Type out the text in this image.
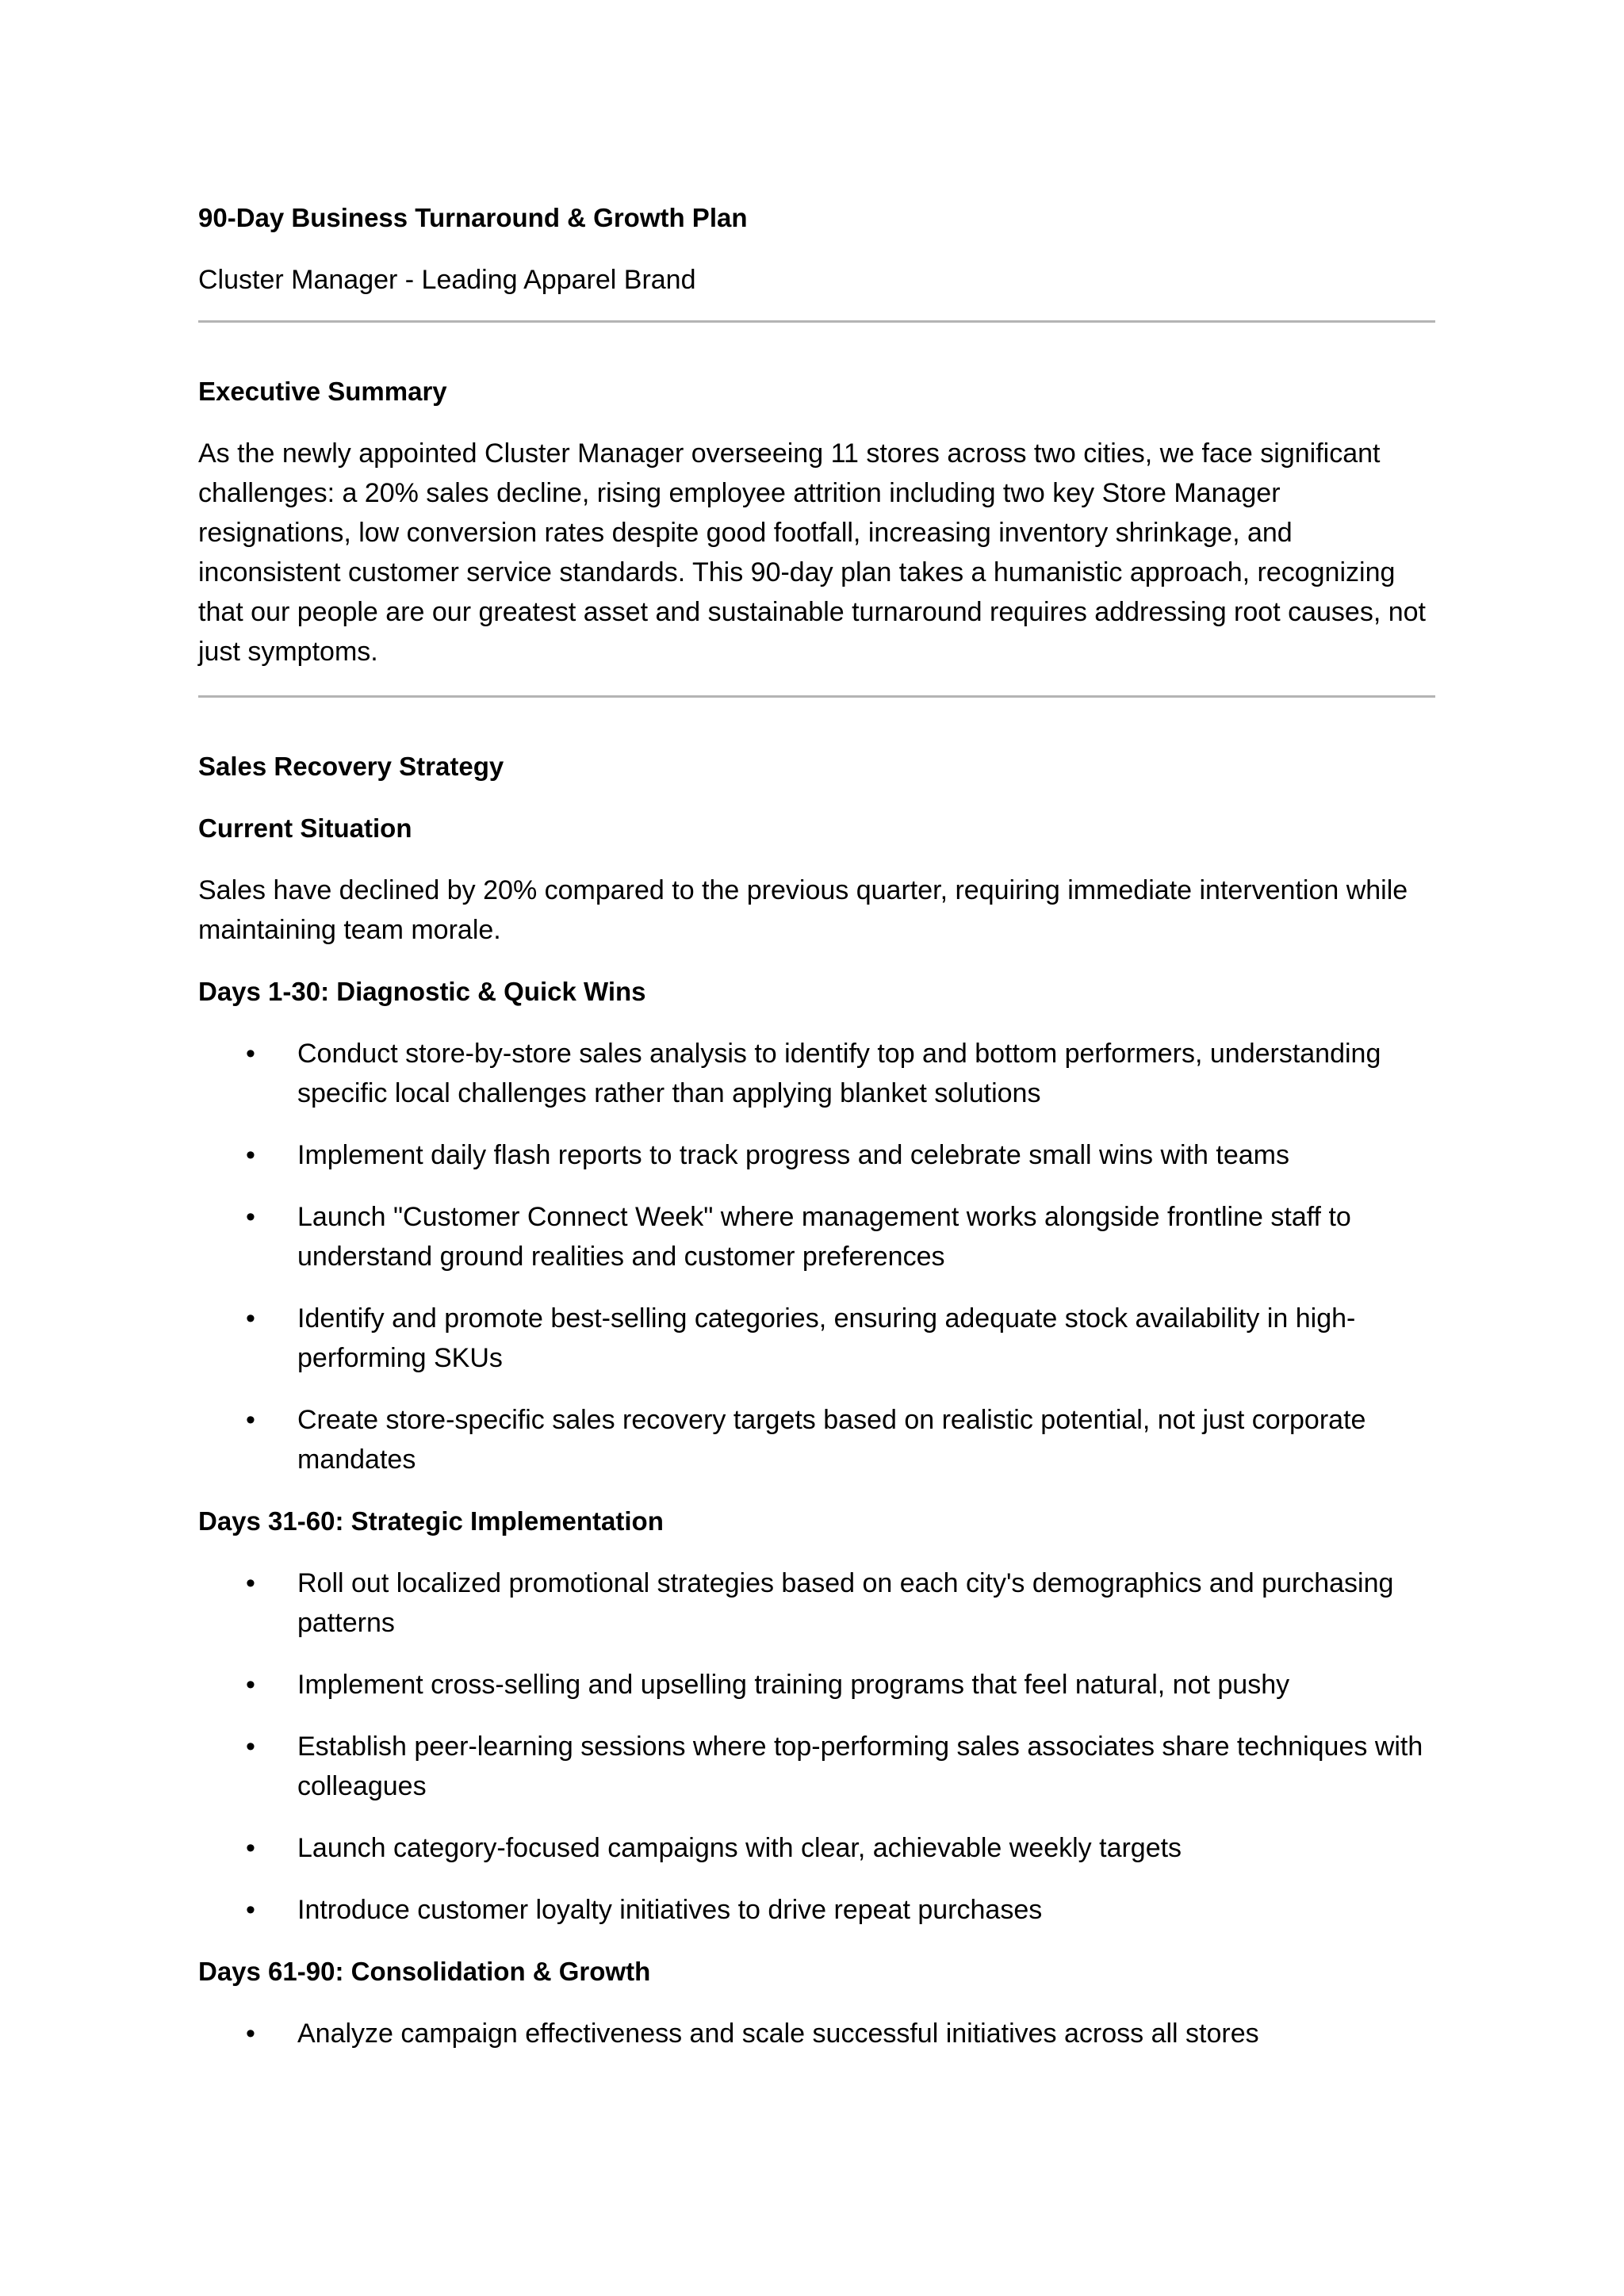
90-Day Business Turnaround & Growth Plan
Cluster Manager - Leading Apparel Brand
Executive Summary
As the newly appointed Cluster Manager overseeing 11 stores across two cities, we face significant challenges: a 20% sales decline, rising employee attrition including two key Store Manager resignations, low conversion rates despite good footfall, increasing inventory shrinkage, and inconsistent customer service standards. This 90-day plan takes a humanistic approach, recognizing that our people are our greatest asset and sustainable turnaround requires addressing root causes, not just symptoms.
Sales Recovery Strategy
Current Situation
Sales have declined by 20% compared to the previous quarter, requiring immediate intervention while maintaining team morale.
Days 1-30: Diagnostic & Quick Wins
• Conduct store-by-store sales analysis to identify top and bottom performers, understanding specific local challenges rather than applying blanket solutions
• Implement daily flash reports to track progress and celebrate small wins with teams
• Launch "Customer Connect Week" where management works alongside frontline staff to understand ground realities and customer preferences
• Identify and promote best-selling categories, ensuring adequate stock availability in high-performing SKUs
• Create store-specific sales recovery targets based on realistic potential, not just corporate mandates
Days 31-60: Strategic Implementation
• Roll out localized promotional strategies based on each city's demographics and purchasing patterns
• Implement cross-selling and upselling training programs that feel natural, not pushy
• Establish peer-learning sessions where top-performing sales associates share techniques with colleagues
• Launch category-focused campaigns with clear, achievable weekly targets
• Introduce customer loyalty initiatives to drive repeat purchases
Days 61-90: Consolidation & Growth
• Analyze campaign effectiveness and scale successful initiatives across all stores
